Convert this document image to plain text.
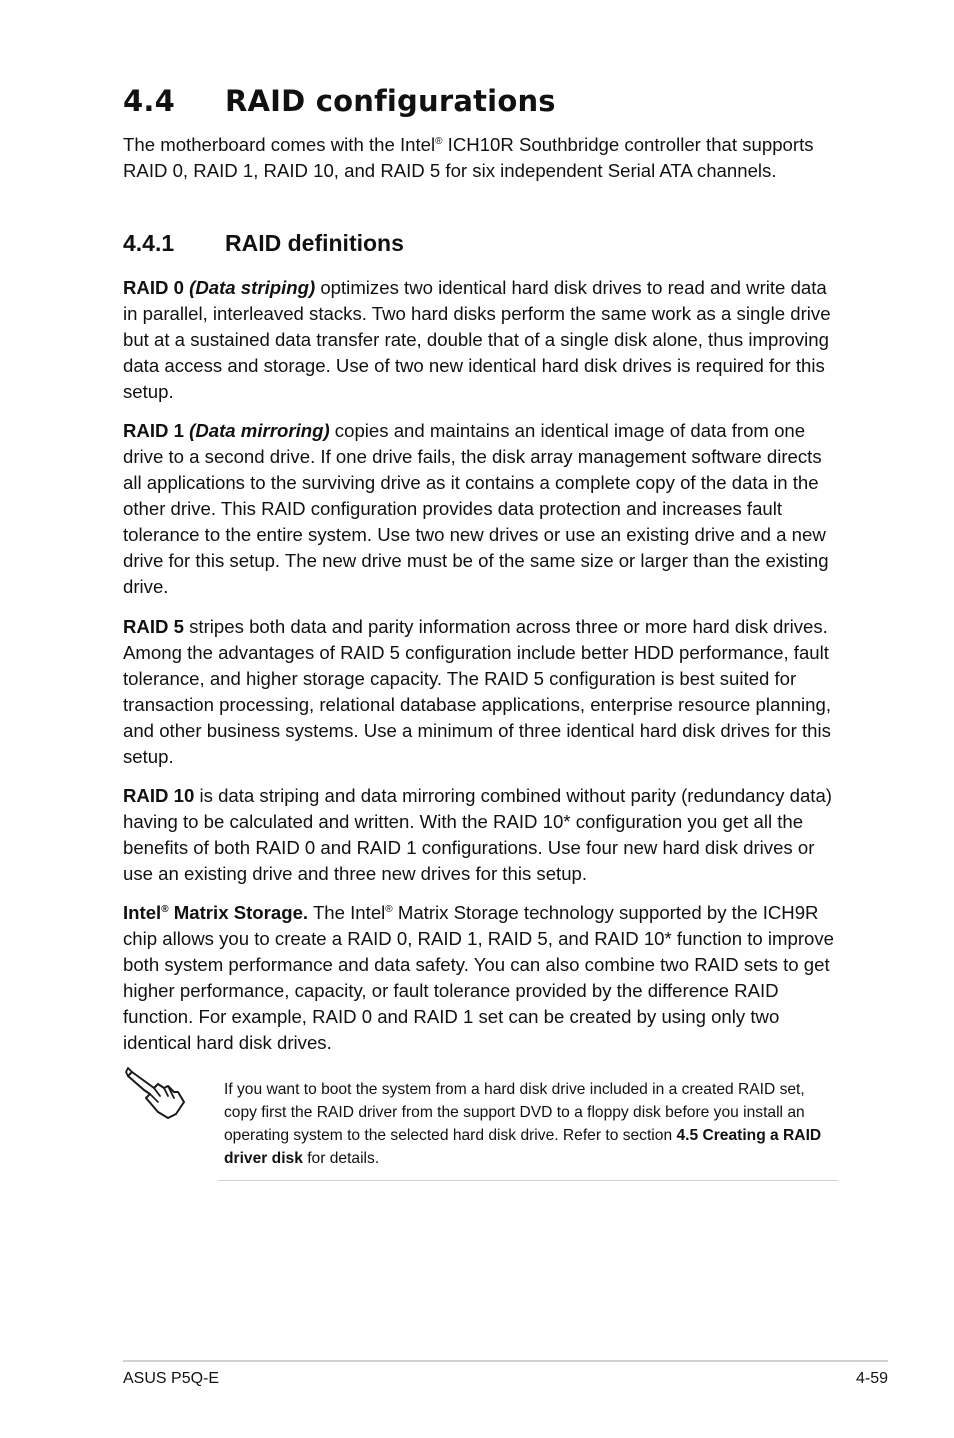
4.4 RAID configurations

The motherboard comes with the Intel® ICH10R Southbridge controller that supports RAID 0, RAID 1, RAID 10, and RAID 5 for six independent Serial ATA channels.

4.4.1 RAID definitions

RAID 0 (Data striping) optimizes two identical hard disk drives to read and write data in parallel, interleaved stacks. Two hard disks perform the same work as a single drive but at a sustained data transfer rate, double that of a single disk alone, thus improving data access and storage. Use of two new identical hard disk drives is required for this setup.

RAID 1 (Data mirroring) copies and maintains an identical image of data from one drive to a second drive. If one drive fails, the disk array management software directs all applications to the surviving drive as it contains a complete copy of the data in the other drive. This RAID configuration provides data protection and increases fault tolerance to the entire system. Use two new drives or use an existing drive and a new drive for this setup. The new drive must be of the same size or larger than the existing drive.

RAID 5 stripes both data and parity information across three or more hard disk drives. Among the advantages of RAID 5 configuration include better HDD performance, fault tolerance, and higher storage capacity. The RAID 5 configuration is best suited for transaction processing, relational database applications, enterprise resource planning, and other business systems. Use a minimum of three identical hard disk drives for this setup.

RAID 10 is data striping and data mirroring combined without parity (redundancy data) having to be calculated and written. With the RAID 10* configuration you get all the benefits of both RAID 0 and RAID 1 configurations. Use four new hard disk drives or use an existing drive and three new drives for this setup.

Intel® Matrix Storage. The Intel® Matrix Storage technology supported by the ICH9R chip allows you to create a RAID 0, RAID 1, RAID 5, and RAID 10* function to improve both system performance and data safety. You can also combine two RAID sets to get higher performance, capacity, or fault tolerance provided by the difference RAID function. For example, RAID 0 and RAID 1 set can be created by using only two identical hard disk drives.

If you want to boot the system from a hard disk drive included in a created RAID set, copy first the RAID driver from the support DVD to a floppy disk before you install an operating system to the selected hard disk drive. Refer to section 4.5 Creating a RAID driver disk for details.

ASUS P5Q-E	4-59
